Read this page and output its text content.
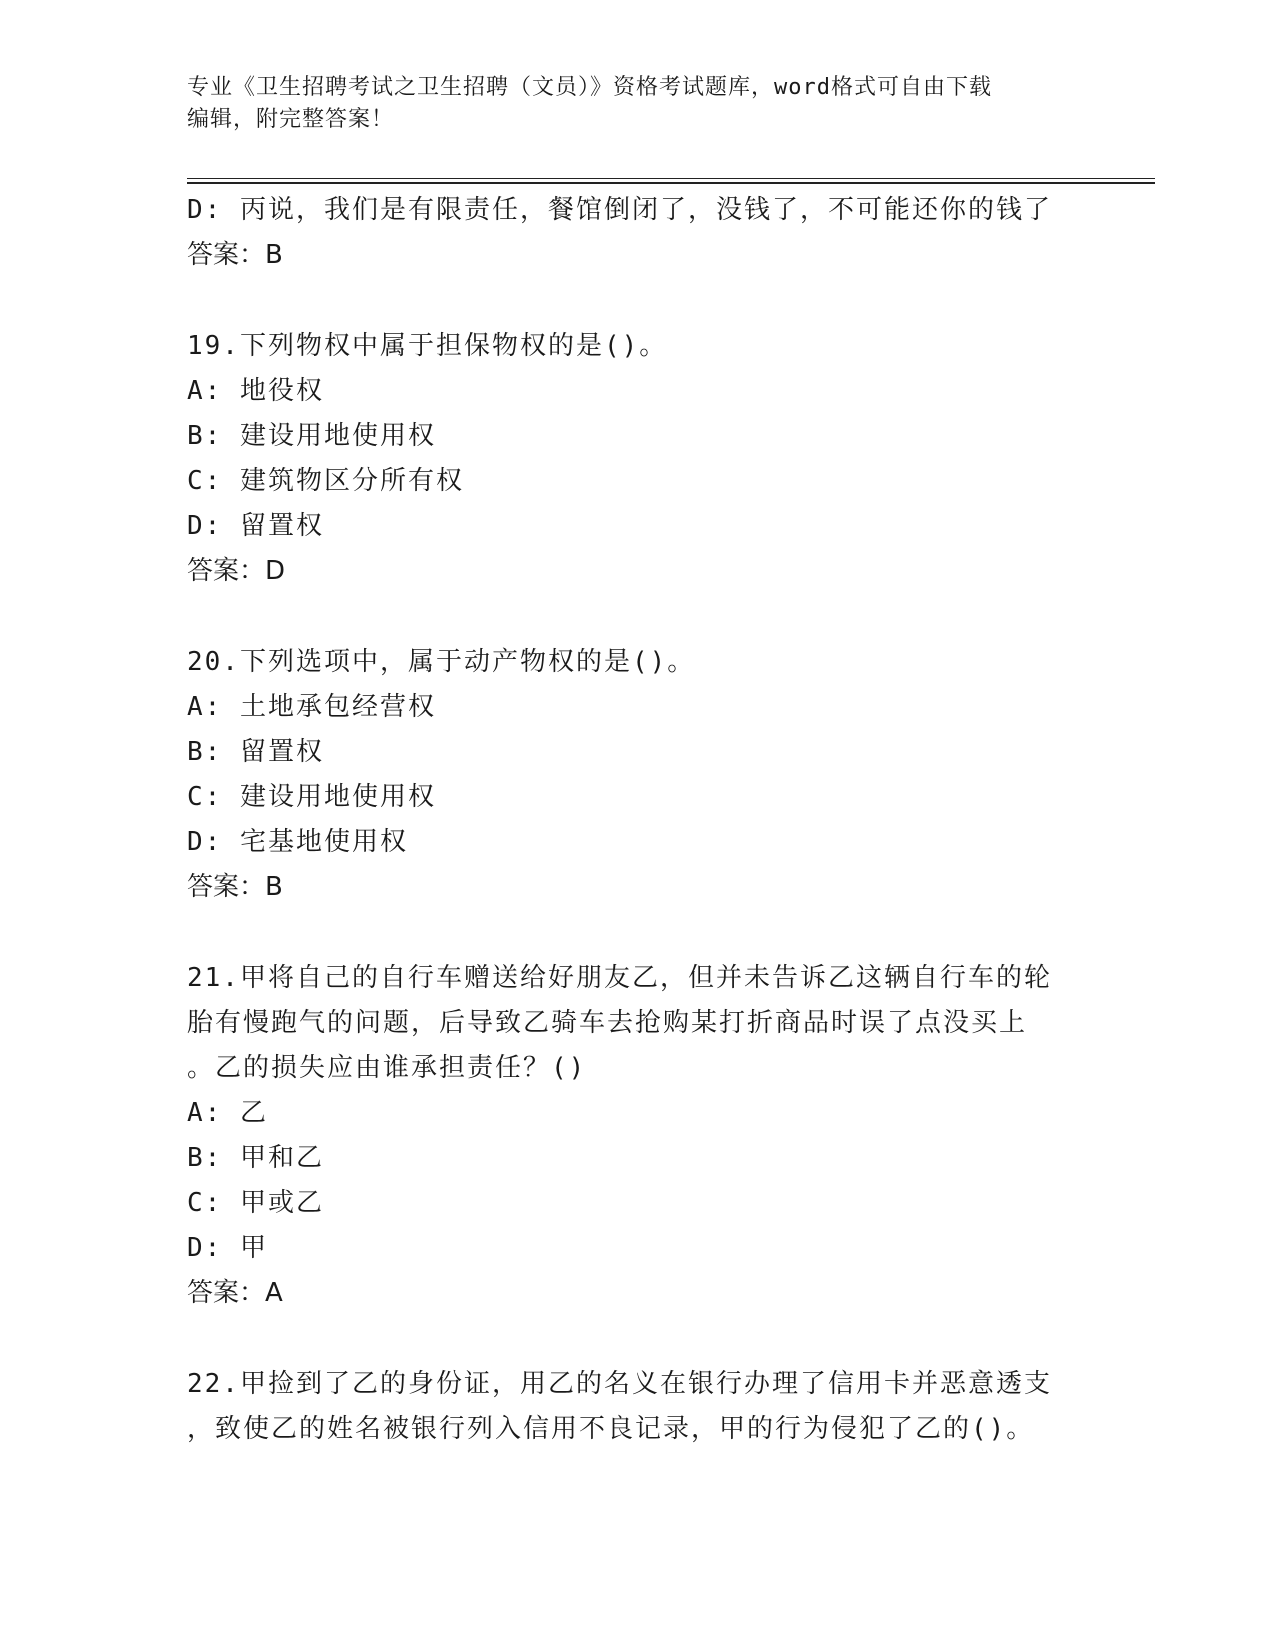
专业《卫生招聘考试之卫生招聘（文员）》资格考试题库，word格式可自由下载
编辑，附完整答案！
D: 丙说，我们是有限责任，餐馆倒闭了，没钱了，不可能还你的钱了
答案：B
19.下列物权中属于担保物权的是()。
A: 地役权
B: 建设用地使用权
C: 建筑物区分所有权
D: 留置权
答案：D
20.下列选项中，属于动产物权的是()。
A: 土地承包经营权
B: 留置权
C: 建设用地使用权
D: 宅基地使用权
答案：B
21.甲将自己的自行车赠送给好朋友乙，但并未告诉乙这辆自行车的轮
胎有慢跑气的问题，后导致乙骑车去抢购某打折商品时误了点没买上
。乙的损失应由谁承担责任？()
A: 乙
B: 甲和乙
C: 甲或乙
D: 甲
答案：A
22.甲捡到了乙的身份证，用乙的名义在银行办理了信用卡并恶意透支
，致使乙的姓名被银行列入信用不良记录，甲的行为侵犯了乙的()。
